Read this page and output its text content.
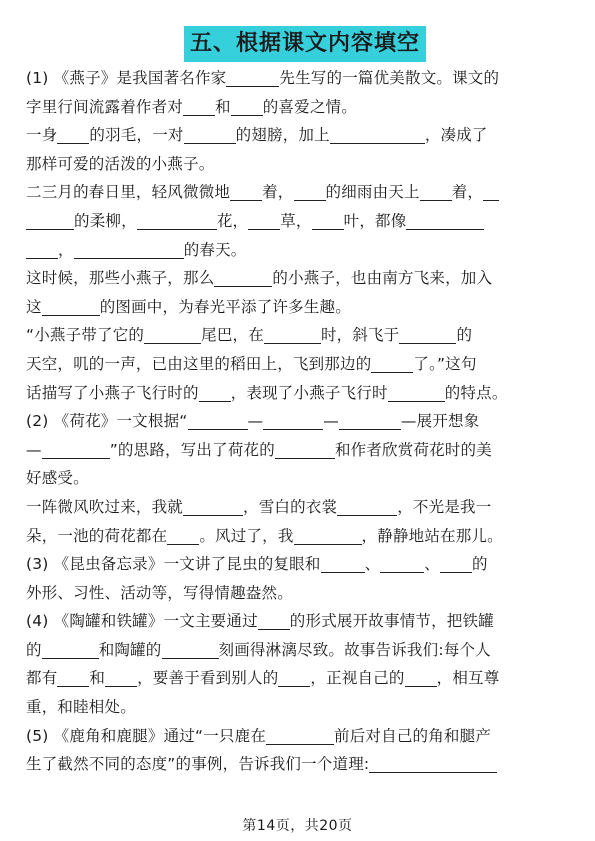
五、根据课文内容填空
(1) 《燕子》是我国著名作家	先生写的一篇优美散文。课文的
字里行间流露着作者对 和 的喜爱之情。
一身 的羽毛，一对	的翅膀，加上	，凑成了
那样可爱的活泼的小燕子。
二三月的春日里，轻风微微地 着， 的细雨由天上 着，
的柔柳，	花， 草， 叶，都像
，	的春天。
这时候，那些小燕子，那么	的小燕子，也由南方飞来，加入
这	的图画中，为春光平添了许多生趣。
“小燕子带了它的	尾巴，在	时，斜飞于	的
天空，叽的一声，已由这里的稻田上，飞到那边的	了。”这句
话描写了小燕子飞行时的 ，表现了小燕子飞行时	的特点。
(2) 《荷花》一文根据“	—	—	—展开想象
—	”的思路，写出了荷花的	和作者欣赏荷花时的美
好感受。
一阵微风吹过来，我就	，雪白的衣裳	，不光是我一
朵，一池的荷花都在 。风过了，我	，静静地站在那儿。
(3) 《昆虫备忘录》一文讲了昆虫的复眼和	、	、 的
外形、习性、活动等，写得情趣盎然。
(4) 《陶罐和铁罐》一文主要通过 的形式展开故事情节，把铁罐
的	和陶罐的	刻画得淋漓尽致。故事告诉我们:每个人
都有 和 ，要善于看到别人的 ，正视自己的 ，相互尊
重，和睦相处。
(5) 《鹿角和鹿腿》通过“一只鹿在	前后对自己的角和腿产
生了截然不同的态度”的事例，告诉我们一个道理:
第14页，共20页
